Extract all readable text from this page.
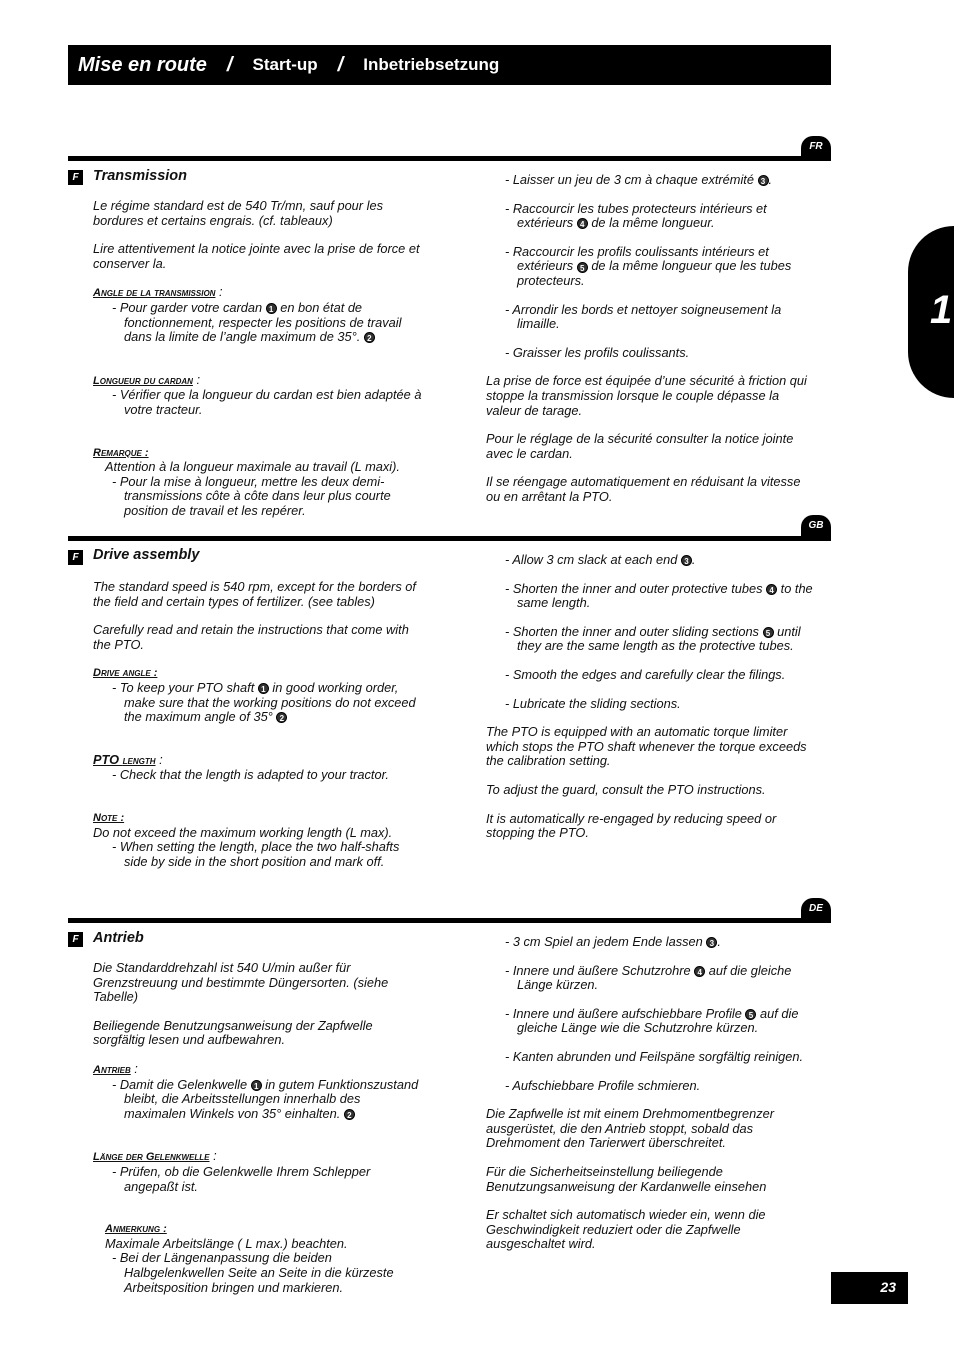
Mise en route / Start-up / Inbetriebsetzung
1
FR
F Transmission

Le régime standard est de 540 Tr/mn, sauf pour les bordures et certains engrais. (cf. tableaux)

Lire attentivement la notice jointe avec la prise de force et conserver la.

Angle de la transmission :

- Pour garder votre cardan 1 en bon état de fonctionnement, respecter les positions de travail dans la limite de l’angle maximum de 35°. 2

Longueur du cardan :

- Vérifier que la longueur du cardan est bien adaptée à votre tracteur.

Remarque :

Attention à la longueur maximale au travail (L maxi).

- Pour la mise à longueur, mettre les deux demi-transmissions côte à côte dans leur plus courte position de travail et les repérer.

- Laisser un jeu de 3 cm à chaque extrémité 3 .

- Raccourcir les tubes protecteurs intérieurs et extérieurs 4 de la même longueur.

- Raccourcir les profils coulissants intérieurs et extérieurs 5 de la même longueur que les tubes protecteurs.

- Arrondir les bords et nettoyer soigneusement la limaille.

- Graisser les profils coulissants.

La prise de force est équipée d’une sécurité à friction qui stoppe la transmission lorsque le couple dépasse la valeur de tarage.

Pour le réglage de la sécurité consulter la notice jointe avec le cardan.

Il se réengage automatiquement en réduisant la vitesse ou en arrêtant la PTO.

GB
F Drive assembly

The standard speed is 540 rpm, except for the borders of the field and certain types of fertilizer. (see tables)

Carefully read and retain the instructions that come with the PTO.

Drive angle :

- To keep your PTO shaft 1 in good working order, make sure that the working positions do not exceed the maximum angle of 35° 2

PTO length :

- Check that the length is adapted to your tractor.

Note :

Do not exceed the maximum working length (L max).

- When setting the length, place the two half-shafts side by side in the short position and mark off.

- Allow 3 cm slack at each end 3 .

- Shorten the inner and outer protective tubes 4 to the same length.

- Shorten the inner and outer sliding sections 5 until they are the same length as the protective tubes.

- Smooth the edges and carefully clear the filings.

- Lubricate the sliding sections.

The PTO is equipped with an automatic torque limiter which stops the PTO shaft whenever the torque exceeds the calibration setting.

To adjust the guard, consult the PTO instructions.

It is automatically re-engaged by reducing speed or stopping the PTO.

DE
F Antrieb

Die Standarddrehzahl ist 540 U/min außer für Grenzstreuung und bestimmte Düngersorten. (siehe Tabelle)

Beiliegende Benutzungsanweisung der Zapfwelle sorgfältig lesen und aufbewahren.

Antrieb :

- Damit die Gelenkwelle 1 in gutem Funktionszustand bleibt, die Arbeitsstellungen innerhalb des maximalen Winkels von 35° einhalten. 2

Länge der Gelenkwelle :

- Prüfen, ob die Gelenkwelle Ihrem Schlepper angepaßt ist.

Anmerkung :

Maximale Arbeitslänge ( L max.) beachten.

- Bei der Längenanpassung die beiden Halbgelenkwellen Seite an Seite in die kürzeste Arbeitsposition bringen und markieren.

- 3 cm Spiel an jedem Ende lassen 3 .

- Innere und äußere Schutzrohre 4 auf die gleiche Länge kürzen.

- Innere und äußere aufschiebbare Profile 5 auf die gleiche Länge wie die Schutzrohre kürzen.

- Kanten abrunden und Feilspäne sorgfältig reinigen.

- Aufschiebbare Profile schmieren.

Die Zapfwelle ist mit einem Drehmomentbegrenzer ausgerüstet, die den Antrieb stoppt, sobald das Drehmoment den Tarierwert überschreitet.

Für die Sicherheitseinstellung beiliegende Benutzungsanweisung der Kardanwelle einsehen

Er schaltet sich automatisch wieder ein, wenn die Geschwindigkeit reduziert oder die Zapfwelle ausgeschaltet wird.

23
